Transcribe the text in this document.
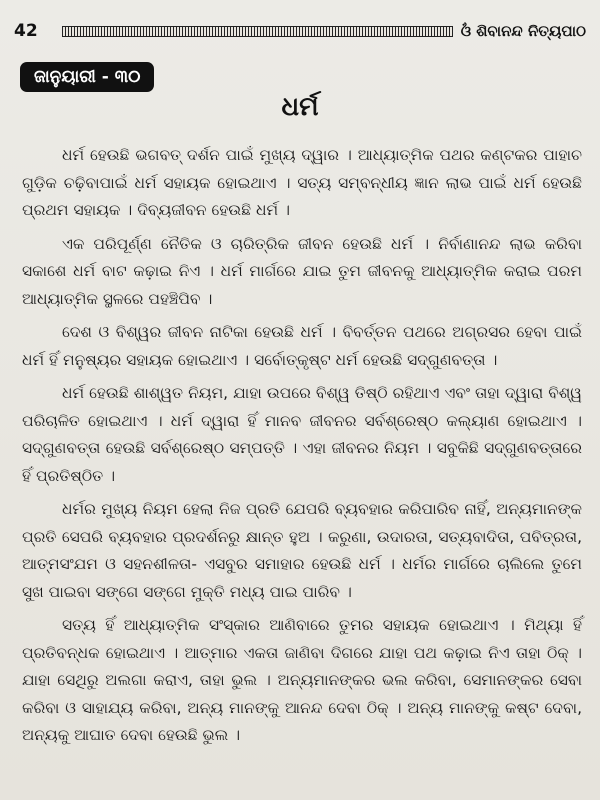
42	ଓଁ ଶିବାନନ୍ଦ ନିତ୍ୟପାଠ
ଜାନୁୟାରୀ - ୩୦
ଧର୍ମ

ଧର୍ମ ହେଉଛି ଭଗବତ୍ ଦର୍ଶନ ପାଇଁ ମୁଖ୍ୟ ଦ୍ୱାର । ଆଧ୍ୟାତ୍ମିକ ପଥର କଣ୍ଟକର ପାହାଚ ଗୁଡ଼ିକ ଚଢ଼ିବାପାଇଁ ଧର୍ମ ସହାୟକ ହୋଇଥାଏ । ସତ୍ୟ ସମ୍ବନ୍ଧୀୟ ଜ୍ଞାନ ଲାଭ ପାଇଁ ଧର୍ମ ହେଉଛି ପ୍ରଥମ ସହାୟକ । ଦିବ୍ୟଜୀବନ ହେଉଛି ଧର୍ମ ।

ଏକ ପରିପୂର୍ଣ୍ଣ ନୈତିକ ଓ ଚାରିତ୍ରିକ ଜୀବନ ହେଉଛି ଧର୍ମ । ନିର୍ବାଣାନନ୍ଦ ଲାଭ କରିବା ସକାଶେ ଧର୍ମ ବାଟ କଢ଼ାଇ ନିଏ । ଧର୍ମ ମାର୍ଗରେ ଯାଇ ତୁମ ଜୀବନକୁ ଆଧ୍ୟାତ୍ମିକ କରାଇ ପରମ ଆଧ୍ୟାତ୍ମିକ ସ୍ଥଳରେ ପହଞ୍ଚିପିବ ।

ଦେଶ ଓ ବିଶ୍ୱର ଜୀବନ ନାଟିକା ହେଉଛି ଧର୍ମ । ବିବର୍ତ୍ତନ ପଥରେ ଅଗ୍ରସର ହେବା ପାଇଁ ଧର୍ମ ହିଁ ମନୁଷ୍ୟର ସହାୟକ ହୋଇଥାଏ । ସର୍ବୋତ୍କୃଷ୍ଟ ଧର୍ମ ହେଉଛି ସଦ୍‌ଗୁଣବତ୍ତା ।

ଧର୍ମ ହେଉଛି ଶାଶ୍ୱତ ନିୟମ, ଯାହା ଉପରେ ବିଶ୍ୱ ତିଷ୍ଠି ରହିଥାଏ ଏବଂ ତାହା ଦ୍ୱାରା ବିଶ୍ୱ ପରିଚାଳିତ ହୋଇଥାଏ । ଧର୍ମ ଦ୍ୱାରା ହିଁ ମାନବ ଜୀବନର ସର୍ବଶ୍ରେଷ୍ଠ କଲ୍ୟାଣ ହୋଇଥାଏ । ସଦ୍‌ଗୁଣବତ୍ତା ହେଉଛି ସର୍ବଶ୍ରେଷ୍ଠ ସମ୍ପତ୍ତି । ଏହା ଜୀବନର ନିୟମ । ସବୁକିଛି ସଦ୍‌ଗୁଣବତ୍ତାରେ ହିଁ ପ୍ରତିଷ୍ଠିତ ।

ଧର୍ମର ମୁଖ୍ୟ ନିୟମ ହେଲା ନିଜ ପ୍ରତି ଯେପରି ବ୍ୟବହାର କରିପାରିବ ନାହିଁ, ଅନ୍ୟମାନଙ୍କ ପ୍ରତି ସେପରି ବ୍ୟବହାର ପ୍ରଦର୍ଶନରୁ କ୍ଷାନ୍ତ ହୁଅ । କରୁଣା, ଉଦାରତା, ସତ୍ୟବାଦିତା, ପବିତ୍ରତା, ଆତ୍ମସଂଯମ ଓ ସହନଶୀଳତା- ଏସବୁର ସମାହାର ହେଉଛି ଧର୍ମ । ଧର୍ମର ମାର୍ଗରେ ଚାଲିଲେ ତୁମେ ସୁଖ ପାଇବା ସଙ୍ଗେ ସଙ୍ଗେ ମୁକ୍ତି ମଧ୍ୟ ପାଇ ପାରିବ ।

ସତ୍ୟ ହିଁ ଆଧ୍ୟାତ୍ମିକ ସଂସ୍କାର ଆଣିବାରେ ତୁମର ସହାୟକ ହୋଇଥାଏ । ମିଥ୍ୟା ହିଁ ପ୍ରତିବନ୍ଧକ ହୋଇଥାଏ । ଆତ୍ମାର ଏକତା ଜାଣିବା ଦିଗରେ ଯାହା ପଥ କଢ଼ାଇ ନିଏ ତାହା ଠିକ୍ । ଯାହା ସେଥିରୁ ଅଲଗା କରାଏ, ତାହା ଭୁଲ । ଅନ୍ୟମାନଙ୍କର ଭଲ କରିବା, ସେମାନଙ୍କର ସେବା କରିବା ଓ ସାହାଯ୍ୟ କରିବା, ଅନ୍ୟ ମାନଙ୍କୁ ଆନନ୍ଦ ଦେବା ଠିକ୍ । ଅନ୍ୟ ମାନଙ୍କୁ କଷ୍ଟ ଦେବା, ଅନ୍ୟକୁ ଆଘାତ ଦେବା ହେଉଛି ଭୁଲ ।
